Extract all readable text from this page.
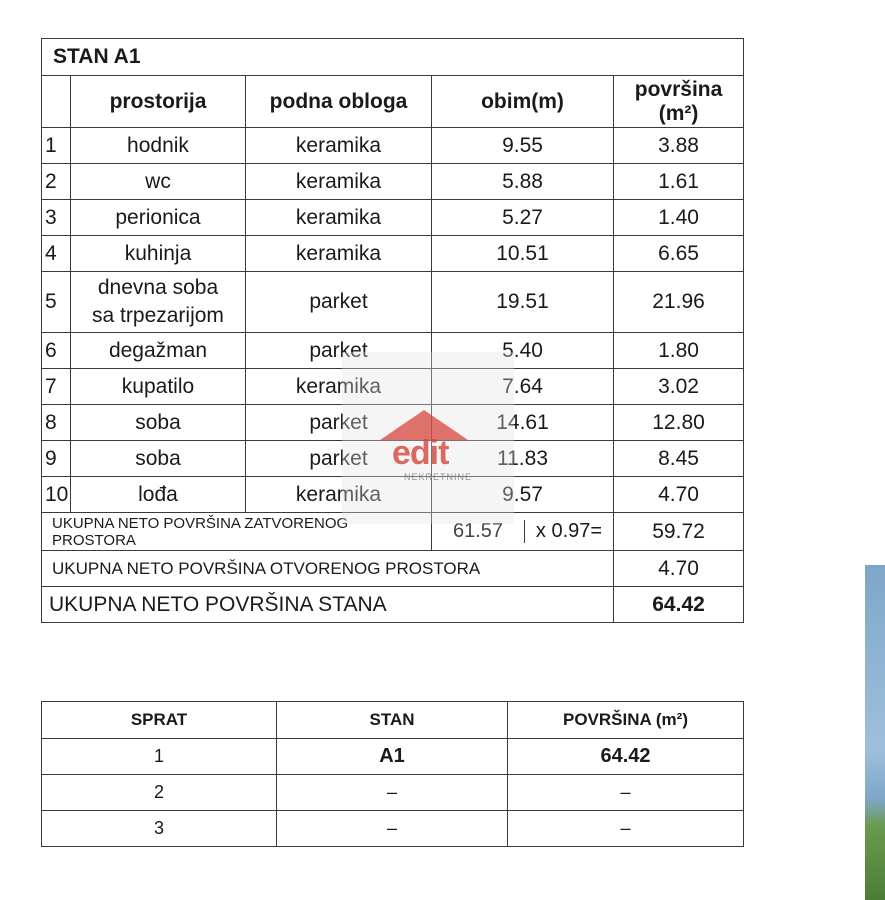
STAN A1				
	prostorija	podna obloga	obim(m)	površina
(m²)

1	hodnik	keramika	9.55	3.88
2	wc	keramika	5.88	1.61
3	perionica	keramika	5.27	1.40
4	kuhinja	keramika	10.51	6.65
5	dnevna soba
sa trpezarijom	parket	19.51	21.96
6	degažman	parket	5.40	1.80
7	kupatilo	keramika	7.64	3.02
8	soba	parket	14.61	12.80
9	soba	parket	11.83	8.45
10	lođa	keramika	9.57	4.70
UKUPNA NETO POVRŠINA ZATVORENOG PROSTORA			61.57 x 0.97=	59.72
UKUPNA NETO POVRŠINA OTVORENOG PROSTORA				4.70
UKUPNA NETO POVRŠINA STANA				64.42
edit
NEKRETNINE
SPRAT	STAN	POVRŠINA (m²)
1	A1	64.42
2	–	–
3	–	–
